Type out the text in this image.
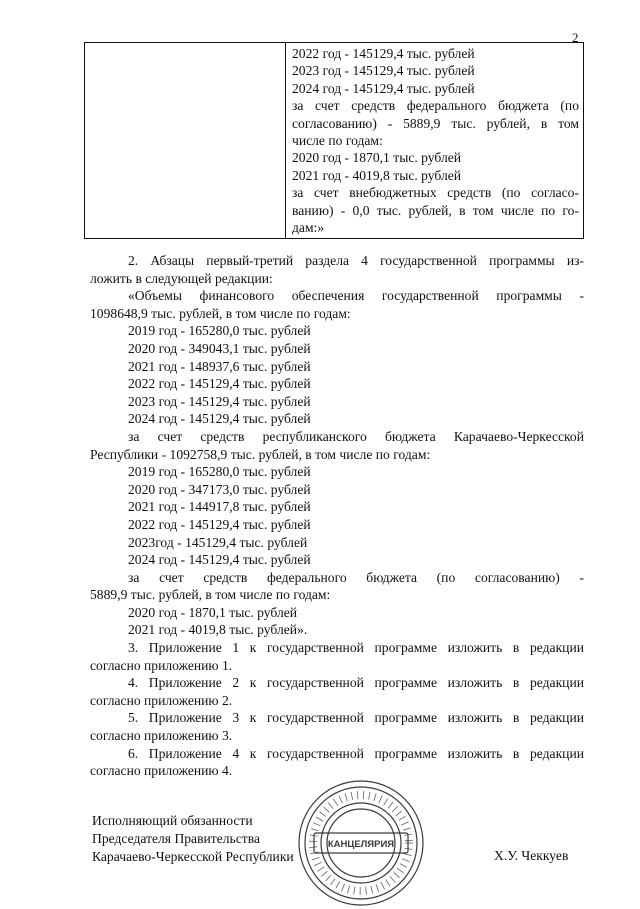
2

2022 год - 145129,4 тыс. рублей
2023 год - 145129,4 тыс. рублей
2024 год - 145129,4 тыс. рублей
за счет средств федерального бюджета (по
согласованию) - 5889,9 тыс. рублей, в том
числе по годам:
2020 год - 1870,1 тыс. рублей
2021 год - 4019,8 тыс. рублей
за счет внебюджетных средств (по согласо-
ванию) - 0,0 тыс. рублей, в том числе по го-
дам:»
2. Абзацы первый-третий раздела 4 государственной программы из-
ложить в следующей редакции:
«Объемы финансового обеспечения государственной программы -
1098648,9 тыс. рублей, в том числе по годам:
2019 год - 165280,0 тыс. рублей
2020 год - 349043,1 тыс. рублей
2021 год - 148937,6 тыс. рублей
2022 год - 145129,4 тыс. рублей
2023 год - 145129,4 тыс. рублей
2024 год - 145129,4 тыс. рублей
за счет средств республиканского бюджета Карачаево-Черкесской
Республики - 1092758,9 тыс. рублей, в том числе по годам:
2019 год - 165280,0 тыс. рублей
2020 год - 347173,0 тыс. рублей
2021 год - 144917,8 тыс. рублей
2022 год - 145129,4 тыс. рублей
2023год - 145129,4 тыс. рублей
2024 год - 145129,4 тыс. рублей
за счет средств федерального бюджета (по согласованию) -
5889,9 тыс. рублей, в том числе по годам:
2020 год - 1870,1 тыс. рублей
2021 год - 4019,8 тыс. рублей».
3. Приложение 1 к государственной программе изложить в редакции
согласно приложению 1.
4. Приложение 2 к государственной программе изложить в редакции
согласно приложению 2.
5. Приложение 3 к государственной программе изложить в редакции
согласно приложению 3.
6. Приложение 4 к государственной программе изложить в редакции
согласно приложению 4.
Исполняющий обязанности
Председателя Правительства
Карачаево-Черкесской Республики
КАНЦЕЛЯРИЯ
Х.У. Чеккуев
